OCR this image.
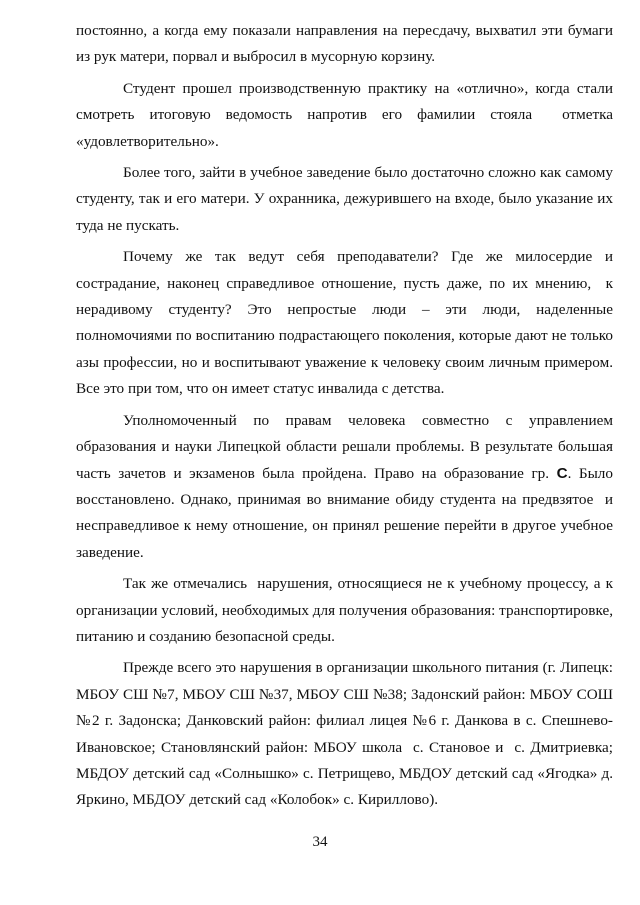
постоянно, а когда ему показали направления на пересдачу, выхватил эти бумаги из рук матери, порвал и выбросил в мусорную корзину.

Студент прошел производственную практику на «отлично», когда стали смотреть итоговую ведомость напротив его фамилии стояла  отметка «удовлетворительно».

Более того, зайти в учебное заведение было достаточно сложно как самому студенту, так и его матери. У охранника, дежурившего на входе, было указание их туда не пускать.

Почему же так ведут себя преподаватели? Где же милосердие и сострадание, наконец справедливое отношение, пусть даже, по их мнению,  к нерадивому студенту? Это непростые люди – эти люди, наделенные полномочиями по воспитанию подрастающего поколения, которые дают не только азы профессии, но и воспитывают уважение к человеку своим личным примером. Все это при том, что он имеет статус инвалида с детства.

Уполномоченный по правам человека совместно с управлением образования и науки Липецкой области решали проблемы. В результате большая часть зачетов и экзаменов была пройдена. Право на образование гр. С. Было восстановлено. Однако, принимая во внимание обиду студента на предвзятое  и несправедливое к нему отношение, он принял решение перейти в другое учебное заведение.

Так же отмечались  нарушения, относящиеся не к учебному процессу, а к организации условий, необходимых для получения образования: транспортировке, питанию и созданию безопасной среды.

Прежде всего это нарушения в организации школьного питания (г. Липецк: МБОУ СШ №7, МБОУ СШ №37, МБОУ СШ №38; Задонский район: МБОУ СОШ №2 г. Задонска; Данковский район: филиал лицея №6 г. Данкова в с. Спешнево-Ивановское; Становлянский район: МБОУ школа  с. Становое и  с. Дмитриевка; МБДОУ детский сад «Солнышко» с. Петрищево, МБДОУ детский сад «Ягодка» д. Яркино, МБДОУ детский сад «Колобок» с. Кириллово).

34
